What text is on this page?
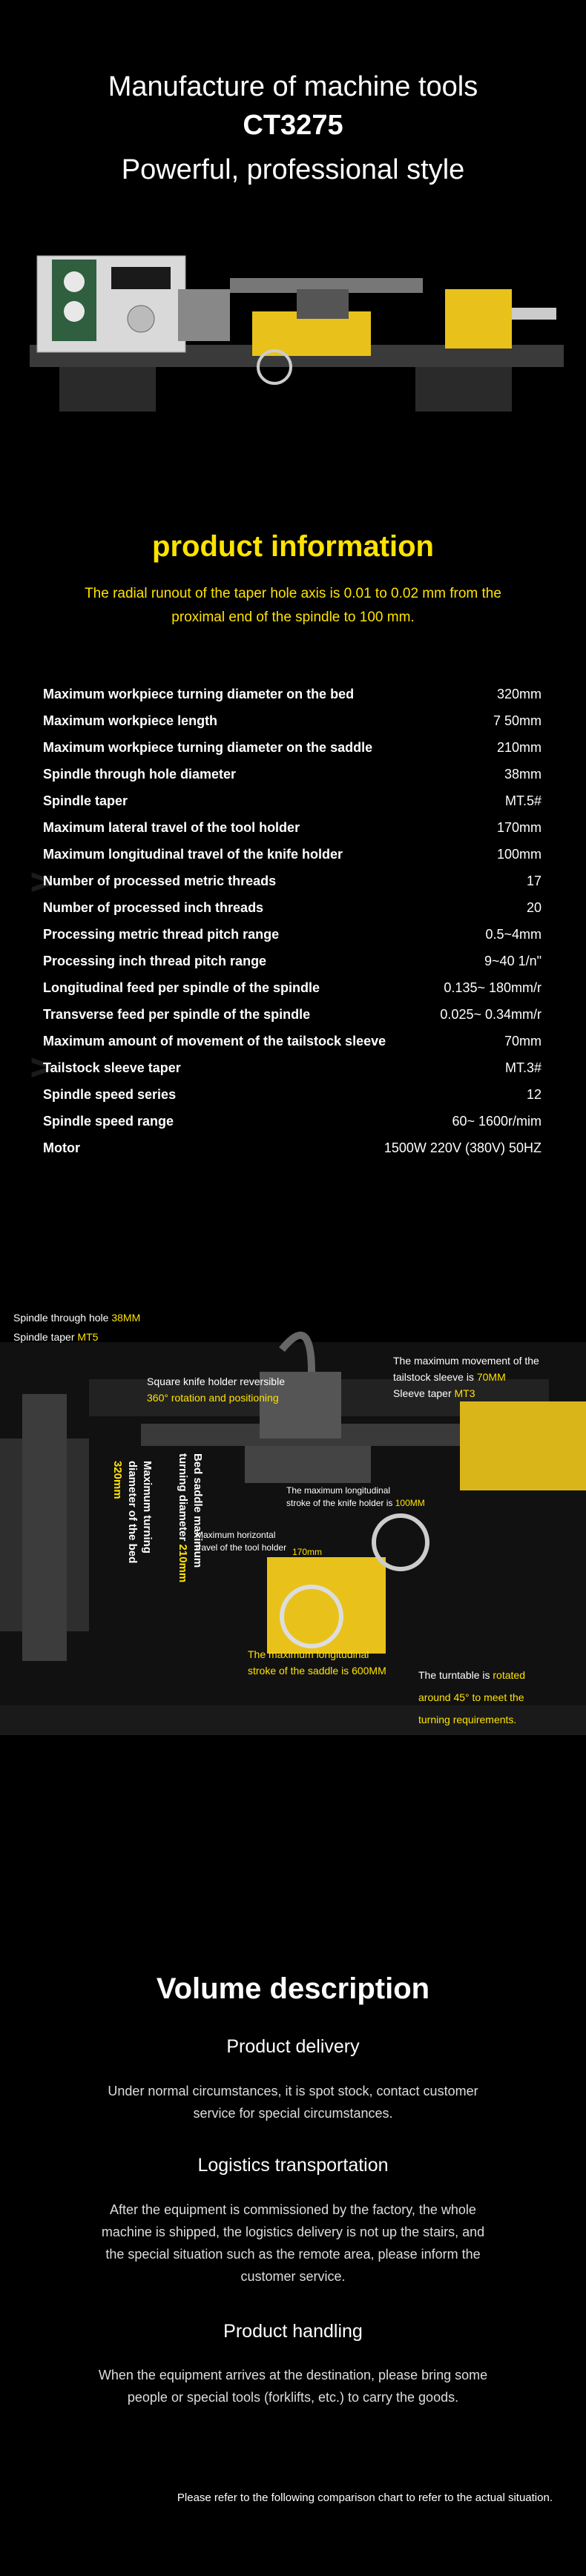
Manufacture of machine tools
CT3275
Powerful, professional style
product information
The radial runout of the taper hole axis is 0.01 to 0.02 mm from the proximal end of the spindle to 100 mm.
ᐳ
ᐳ
Maximum workpiece turning diameter on the bed	320mm
Maximum workpiece length	7 50mm
Maximum workpiece turning diameter on the saddle	210mm
Spindle through hole diameter	38mm
Spindle taper	MT.5#
Maximum lateral travel of the tool holder	170mm
Maximum longitudinal travel of the knife holder	100mm
Number of processed metric threads	17
Number of processed inch threads	20
Processing metric thread pitch range	0.5~4mm
Processing inch thread pitch range	9~40 1/n"
Longitudinal feed per spindle of the spindle	0.135~ 180mm/r
Transverse feed per spindle of the spindle	0.025~ 0.34mm/r
Maximum amount of movement of the tailstock sleeve	70mm
Tailstock sleeve taper	MT.3#
Spindle speed series	12
Spindle speed range	60~ 1600r/mim
Motor	1500W 220V (380V) 50HZ
Spindle through hole 38MM
Spindle taper MT5
Square knife holder reversible
360° rotation and positioning
The maximum movement of the
tailstock sleeve is 70MM
Sleeve taper MT3
Maximum turning diameter of the bed 320mm	Bed saddle maximum turning diameter 210mm
The maximum longitudinal
stroke of the knife holder is 100MM
Maximum horizontal
travel of the tool holder 170mm
The maximum longitudinal
stroke of the saddle is 600MM	The turntable is rotated
around 45° to meet the
turning requirements.
Volume description
Product delivery
Under normal circumstances, it is spot stock, contact customer service for special circumstances.
Logistics transportation
After the equipment is commissioned by the factory, the whole machine is shipped, the logistics delivery is not up the stairs, and the special situation such as the remote area, please inform the customer service.
Product handling
When the equipment arrives at the destination, please bring some people or special tools (forklifts, etc.) to carry the goods.
Please refer to the following comparison chart to refer to the actual situation.
